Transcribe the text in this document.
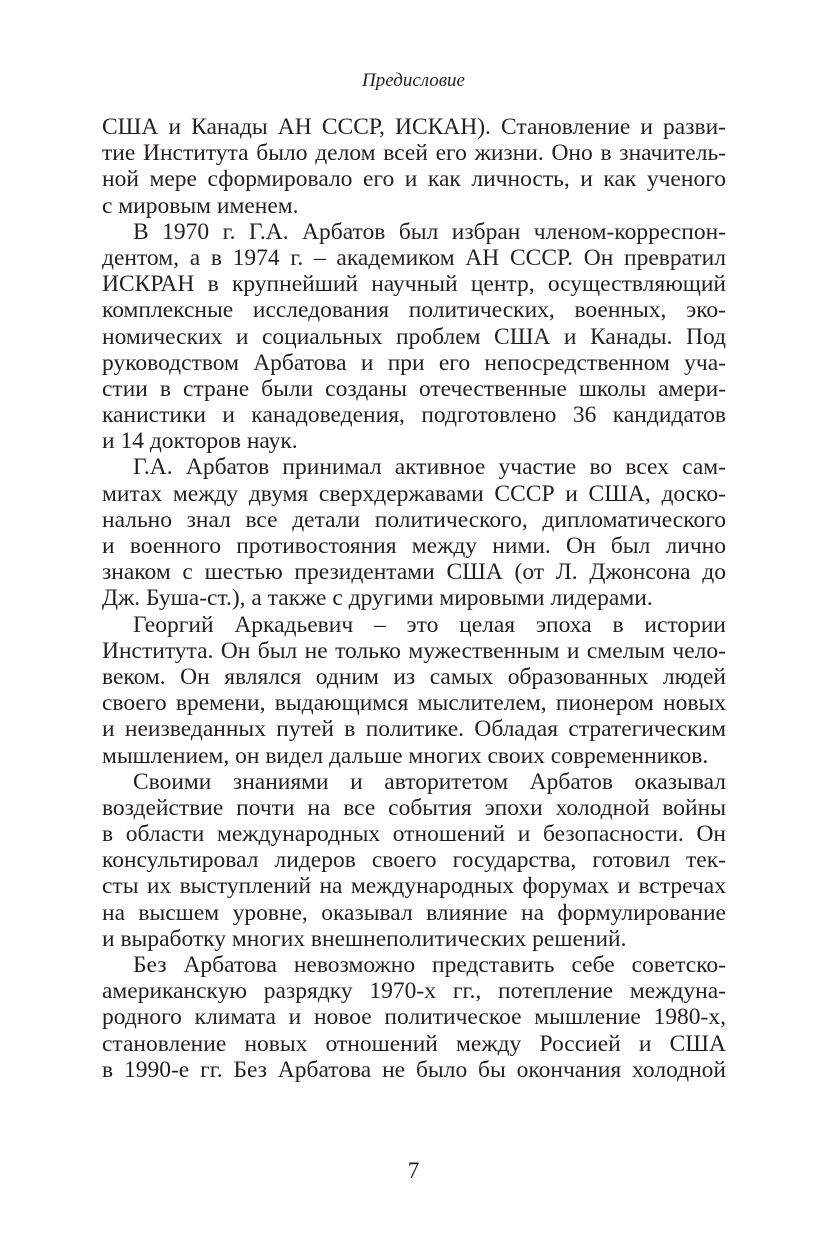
Предисловие
США и Канады АН СССР, ИСКАН). Становление и разви-
тие Института было делом всей его жизни. Оно в значитель-
ной мере сформировало его и как личность, и как ученого
с мировым именем.
В 1970 г. Г.А. Арбатов был избран членом-корреспон-
дентом, а в 1974 г. – академиком АН СССР. Он превратил
ИСКРАН в крупнейший научный центр, осуществляющий
комплексные исследования политических, военных, эко-
номических и социальных проблем США и Канады. Под
руководством Арбатова и при его непосредственном уча-
стии в стране были созданы отечественные школы амери-
канистики и канадоведения, подготовлено 36 кандидатов
и 14 докторов наук.
Г.А. Арбатов принимал активное участие во всех сам-
митах между двумя сверхдержавами СССР и США, доско-
нально знал все детали политического, дипломатического
и военного противостояния между ними. Он был лично
знаком с шестью президентами США (от Л. Джонсона до
Дж. Буша-ст.), а также с другими мировыми лидерами.
Георгий Аркадьевич – это целая эпоха в истории
Института. Он был не только мужественным и смелым чело-
веком. Он являлся одним из самых образованных людей
своего времени, выдающимся мыслителем, пионером новых
и неизведанных путей в политике. Обладая стратегическим
мышлением, он видел дальше многих своих современников.
Своими знаниями и авторитетом Арбатов оказывал
воздействие почти на все события эпохи холодной войны
в области международных отношений и безопасности. Он
консультировал лидеров своего государства, готовил тек-
сты их выступлений на международных форумах и встречах
на высшем уровне, оказывал влияние на формулирование
и выработку многих внешнеполитических решений.
Без Арбатова невозможно представить себе советско-
американскую разрядку 1970-х гг., потепление междуна-
родного климата и новое политическое мышление 1980-х,
становление новых отношений между Россией и США
в 1990-е гг. Без Арбатова не было бы окончания холодной
7
